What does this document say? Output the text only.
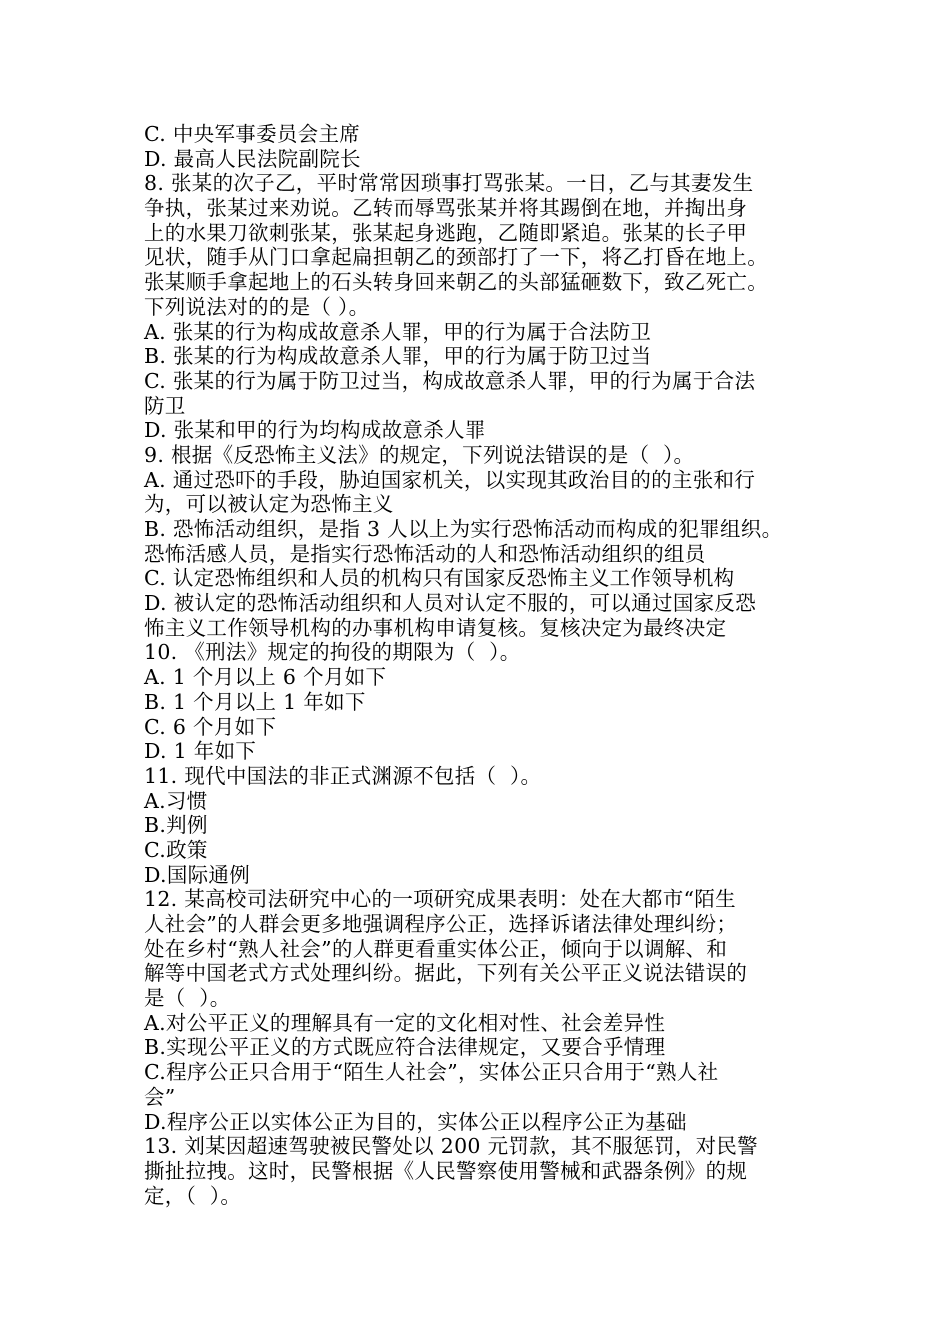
C. 中央军事委员会主席
D. 最高人民法院副院长
8. 张某的次子乙，平时常常因琐事打骂张某。一日，乙与其妻发生
争执，张某过来劝说。乙转而辱骂张某并将其踢倒在地，并掏出身
上的水果刀欲刺张某，张某起身逃跑，乙随即紧追。张某的长子甲
见状，随手从门口拿起扁担朝乙的颈部打了一下，将乙打昏在地上。
张某顺手拿起地上的石头转身回来朝乙的头部猛砸数下，致乙死亡。
下列说法对的的是（ ）。
A. 张某的行为构成故意杀人罪，甲的行为属于合法防卫
B. 张某的行为构成故意杀人罪，甲的行为属于防卫过当
C. 张某的行为属于防卫过当，构成故意杀人罪，甲的行为属于合法
防卫
D. 张某和甲的行为均构成故意杀人罪
9. 根据《反恐怖主义法》的规定，下列说法错误的是（  ）。
A. 通过恐吓的手段，胁迫国家机关，以实现其政治目的的主张和行
为，可以被认定为恐怖主义
B. 恐怖活动组织，是指 3 人以上为实行恐怖活动而构成的犯罪组织。
恐怖活感人员，是指实行恐怖活动的人和恐怖活动组织的组员
C. 认定恐怖组织和人员的机构只有国家反恐怖主义工作领导机构
D. 被认定的恐怖活动组织和人员对认定不服的，可以通过国家反恐
怖主义工作领导机构的办事机构申请复核。复核决定为最终决定
10. 《刑法》规定的拘役的期限为（  ）。
A. 1 个月以上 6 个月如下
B. 1 个月以上 1 年如下
C. 6 个月如下
D. 1 年如下
11. 现代中国法的非正式渊源不包括（  ）。
A.习惯
B.判例
C.政策
D.国际通例
12. 某高校司法研究中心的一项研究成果表明：处在大都市“陌生
人社会”的人群会更多地强调程序公正，选择诉诸法律处理纠纷；
处在乡村“熟人社会”的人群更看重实体公正，倾向于以调解、和
解等中国老式方式处理纠纷。据此，下列有关公平正义说法错误的
是（  ）。
A.对公平正义的理解具有一定的文化相对性、社会差异性
B.实现公平正义的方式既应符合法律规定，又要合乎情理
C.程序公正只合用于“陌生人社会”，实体公正只合用于“熟人社
会”
D.程序公正以实体公正为目的，实体公正以程序公正为基础
13. 刘某因超速驾驶被民警处以 200 元罚款，其不服惩罚，对民警
撕扯拉拽。这时，民警根据《人民警察使用警械和武器条例》的规
定，（  ）。
